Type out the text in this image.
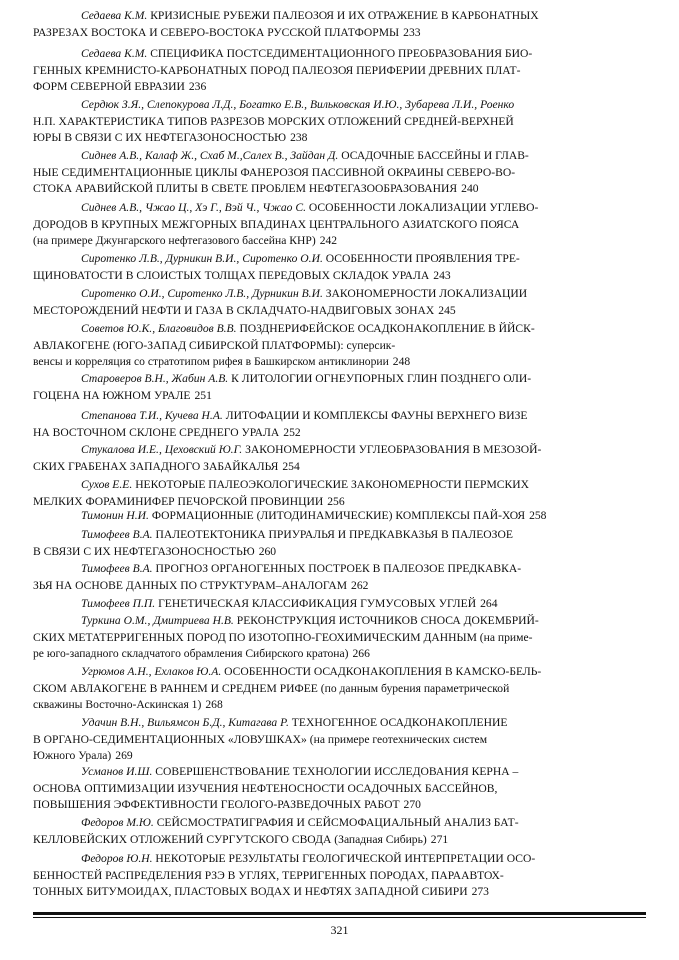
Седаева К.М. КРИЗИСНЫЕ РУБЕЖИ ПАЛЕОЗОЯ И ИХ ОТРАЖЕНИЕ В КАРБОНАТНЫХ
РАЗРЕЗАХ ВОСТОКА И СЕВЕРО-ВОСТОКА РУССКОЙ ПЛАТФОРМЫ 233
Седаева К.М. СПЕЦИФИКА ПОСТСЕДИМЕНТАЦИОННОГО ПРЕОБРАЗОВАНИЯ БИО-
ГЕННЫХ КРЕМНИСТО-КАРБОНАТНЫХ ПОРОД ПАЛЕОЗОЯ ПЕРИФЕРИИ ДРЕВНИХ ПЛАТ-
ФОРМ СЕВЕРНОЙ ЕВРАЗИИ 236
Сердюк З.Я., Слепокурова Л.Д., Богатко Е.В., Вильковская И.Ю., Зубарева Л.И., Роенко
Н.П. ХАРАКТЕРИСТИКА ТИПОВ РАЗРЕЗОВ МОРСКИХ ОТЛОЖЕНИЙ СРЕДНЕЙ-ВЕРХНЕЙ
ЮРЫ В СВЯЗИ С ИХ НЕФТЕГАЗОНОСНОСТЬЮ 238
Сиднев А.В., Калаф Ж., Схаб М.,Салех В., Зайдан Д. ОСАДОЧНЫЕ БАССЕЙНЫ И ГЛАВ-
НЫЕ СЕДИМЕНТАЦИОННЫЕ ЦИКЛЫ ФАНЕРОЗОЯ ПАССИВНОЙ ОКРАИНЫ СЕВЕРО-ВО-
СТОКА АРАВИЙСКОЙ ПЛИТЫ В СВЕТЕ ПРОБЛЕМ НЕФТЕГАЗООБРАЗОВАНИЯ 240
Сиднев А.В., Чжао Ц., Хэ Г., Вэй Ч., Чжао С. ОСОБЕННОСТИ ЛОКАЛИЗАЦИИ УГЛЕВО-
ДОРОДОВ В КРУПНЫХ МЕЖГОРНЫХ ВПАДИНАХ ЦЕНТРАЛЬНОГО АЗИАТСКОГО ПОЯСА
(на примере Джунгарского нефтегазового бассейна КНР) 242
Сиротенко Л.В., Дурникин В.И., Сиротенко О.И. ОСОБЕННОСТИ ПРОЯВЛЕНИЯ ТРЕ-
ЩИНОВАТОСТИ В СЛОИСТЫХ ТОЛЩАХ ПЕРЕДОВЫХ СКЛАДОК УРАЛА 243
Сиротенко О.И., Сиротенко Л.В., Дурникин В.И. ЗАКОНОМЕРНОСТИ ЛОКАЛИЗАЦИИ
МЕСТОРОЖДЕНИЙ НЕФТИ И ГАЗА В СКЛАДЧАТО-НАДВИГОВЫХ ЗОНАХ 245
Советов Ю.К., Благовидов В.В. ПОЗДНЕРИФЕЙСКОЕ ОСАДКОНАКОПЛЕНИЕ В ЙЙСК-
АВЛАКОГЕНЕ (ЮГО-ЗАПАД СИБИРСКОЙ ПЛАТФОРМЫ): суперсик-
венсы и корреляция со стратотипом рифея в Башкирском антиклинории 248
Староверов В.Н., Жабин А.В. К ЛИТОЛОГИИ ОГНЕУПОРНЫХ ГЛИН ПОЗДНЕГО ОЛИ-
ГОЦЕНА НА ЮЖНОМ УРАЛЕ 251
Степанова Т.И., Кучева Н.А. ЛИТОФАЦИИ И КОМПЛЕКСЫ ФАУНЫ ВЕРХНЕГО ВИЗЕ
НА ВОСТОЧНОМ СКЛОНЕ СРЕДНЕГО УРАЛА 252
Стукалова И.Е., Цеховский Ю.Г. ЗАКОНОМЕРНОСТИ УГЛЕОБРАЗОВАНИЯ В МЕЗОЗОЙ-
СКИХ ГРАБЕНАХ ЗАПАДНОГО ЗАБАЙКАЛЬЯ 254
Сухов Е.Е. НЕКОТОРЫЕ ПАЛЕОЭКОЛОГИЧЕСКИЕ ЗАКОНОМЕРНОСТИ ПЕРМСКИХ
МЕЛКИХ ФОРАМИНИФЕР ПЕЧОРСКОЙ ПРОВИНЦИИ 256
Тимонин Н.И. ФОРМАЦИОННЫЕ (ЛИТОДИНАМИЧЕСКИЕ) КОМПЛЕКСЫ ПАЙ-ХОЯ 258
Тимофеев В.А. ПАЛЕОТЕКТОНИКА ПРИУРАЛЬЯ И ПРЕДКАВКАЗЬЯ В ПАЛЕОЗОЕ
В СВЯЗИ С ИХ НЕФТЕГАЗОНОСНОСТЬЮ 260
Тимофеев В.А. ПРОГНОЗ ОРГАНОГЕННЫХ ПОСТРОЕК В ПАЛЕОЗОЕ ПРЕДКАВКА-
ЗЬЯ НА ОСНОВЕ ДАННЫХ ПО СТРУКТУРАМ–АНАЛОГАМ 262
Тимофеев П.П. ГЕНЕТИЧЕСКАЯ КЛАССИФИКАЦИЯ ГУМУСОВЫХ УГЛЕЙ 264
Туркина О.М., Дмитриева Н.В. РЕКОНСТРУКЦИЯ ИСТОЧНИКОВ СНОСА ДОКЕМБРИЙ-
СКИХ МЕТАТЕРРИГЕННЫХ ПОРОД ПО ИЗОТОПНО-ГЕОХИМИЧЕСКИМ ДАННЫМ (на приме-
ре юго-западного складчатого обрамления Сибирского кратона) 266
Угрюмов А.Н., Ехлаков Ю.А. ОСОБЕННОСТИ ОСАДКОНАКОПЛЕНИЯ В КАМСКО-БЕЛЬ-
СКОМ АВЛАКОГЕНЕ В РАННЕМ И СРЕДНЕМ РИФЕЕ (по данным бурения параметрической
скважины Восточно-Аскинская 1) 268
Удачин В.Н., Вильямсон Б.Д., Китагава Р. ТЕХНОГЕННОЕ ОСАДКОНАКОПЛЕНИЕ
В ОРГАНО-СЕДИМЕНТАЦИОННЫХ «ЛОВУШКАХ» (на примере геотехнических систем
Южного Урала) 269
Усманов И.Ш. СОВЕРШЕНСТВОВАНИЕ ТЕХНОЛОГИИ ИССЛЕДОВАНИЯ КЕРНА –
ОСНОВА ОПТИМИЗАЦИИ ИЗУЧЕНИЯ НЕФТЕНОСНОСТИ ОСАДОЧНЫХ БАССЕЙНОВ,
ПОВЫШЕНИЯ ЭФФЕКТИВНОСТИ ГЕОЛОГО-РАЗВЕДОЧНЫХ РАБОТ 270
Федоров М.Ю. СЕЙСМОСТРАТИГРАФИЯ И СЕЙСМОФАЦИАЛЬНЫЙ АНАЛИЗ БАТ-
КЕЛЛОВЕЙСКИХ ОТЛОЖЕНИЙ СУРГУТСКОГО СВОДА (Западная Сибирь) 271
Федоров Ю.Н. НЕКОТОРЫЕ РЕЗУЛЬТАТЫ ГЕОЛОГИЧЕСКОЙ ИНТЕРПРЕТАЦИИ ОСО-
БЕННОСТЕЙ РАСПРЕДЕЛЕНИЯ РЗЭ В УГЛЯХ, ТЕРРИГЕННЫХ ПОРОДАХ, ПАРААВТОХ-
ТОННЫХ БИТУМОИДАХ, ПЛАСТОВЫХ ВОДАХ И НЕФТЯХ ЗАПАДНОЙ СИБИРИ 273
321
